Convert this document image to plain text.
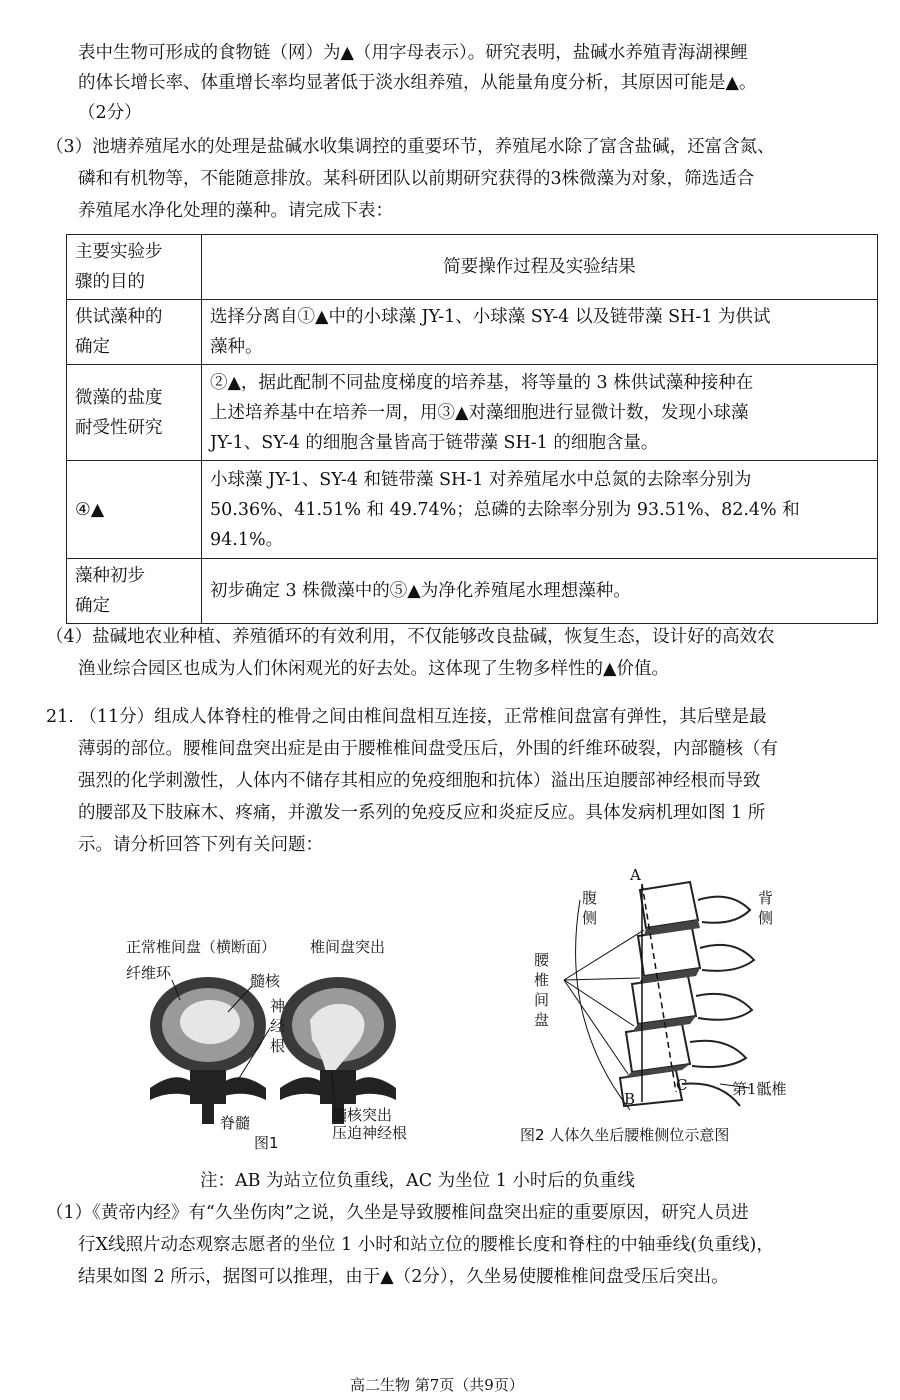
表中生物可形成的食物链（网）为▲（用字母表示）。研究表明，盐碱水养殖青海湖裸鲤
的体长增长率、体重增长率均显著低于淡水组养殖，从能量角度分析，其原因可能是▲。
（2分）
（3）池塘养殖尾水的处理是盐碱水收集调控的重要环节，养殖尾水除了富含盐碱，还富含氮、
磷和有机物等，不能随意排放。某科研团队以前期研究获得的3株微藻为对象，筛选适合
养殖尾水净化处理的藻种。请完成下表：
主要实验步
骤的目的	简要操作过程及实验结果

供试藻种的
确定	选择分离自①▲中的小球藻 JY-1、小球藻 SY-4 以及链带藻 SH-1 为供试
藻种。

微藻的盐度
耐受性研究	②▲，据此配制不同盐度梯度的培养基，将等量的 3 株供试藻种接种在
上述培养基中在培养一周，用③▲对藻细胞进行显微计数，发现小球藻
JY-1、SY-4 的细胞含量皆高于链带藻 SH-1 的细胞含量。

④▲	小球藻 JY-1、SY-4 和链带藻 SH-1 对养殖尾水中总氮的去除率分别为
50.36%、41.51% 和 49.74%；总磷的去除率分别为 93.51%、82.4% 和
94.1%。

藻种初步
确定	初步确定 3 株微藻中的⑤▲为净化养殖尾水理想藻种。
（4）盐碱地农业种植、养殖循环的有效利用，不仅能够改良盐碱，恢复生态，设计好的高效农
渔业综合园区也成为人们休闲观光的好去处。这体现了生物多样性的▲价值。
21. （11分）组成人体脊柱的椎骨之间由椎间盘相互连接，正常椎间盘富有弹性，其后壁是最
薄弱的部位。腰椎间盘突出症是由于腰椎椎间盘受压后，外围的纤维环破裂，内部髓核（有
强烈的化学刺激性，人体内不储存其相应的免疫细胞和抗体）溢出压迫腰部神经根而导致
的腰部及下肢麻木、疼痛，并激发一系列的免疫反应和炎症反应。具体发病机理如图 1 所
示。请分析回答下列有关问题：
正常椎间盘（横断面） 椎间盘突出
纤维环	髓核
神
经
根
脊髓	髓核突出
压迫神经根
图1
腹
侧
背
侧
腰
椎
间
盘
A
B
C	第1骶椎
图2 人体久坐后腰椎侧位示意图
注：AB 为站立位负重线，AC 为坐位 1 小时后的负重线
（1）《黄帝内经》有“久坐伤肉”之说，久坐是导致腰椎间盘突出症的重要原因，研究人员进
行X线照片动态观察志愿者的坐位 1 小时和站立位的腰椎长度和脊柱的中轴垂线(负重线)，
结果如图 2 所示，据图可以推理，由于▲（2分），久坐易使腰椎椎间盘受压后突出。
高二生物 第7页（共9页）
